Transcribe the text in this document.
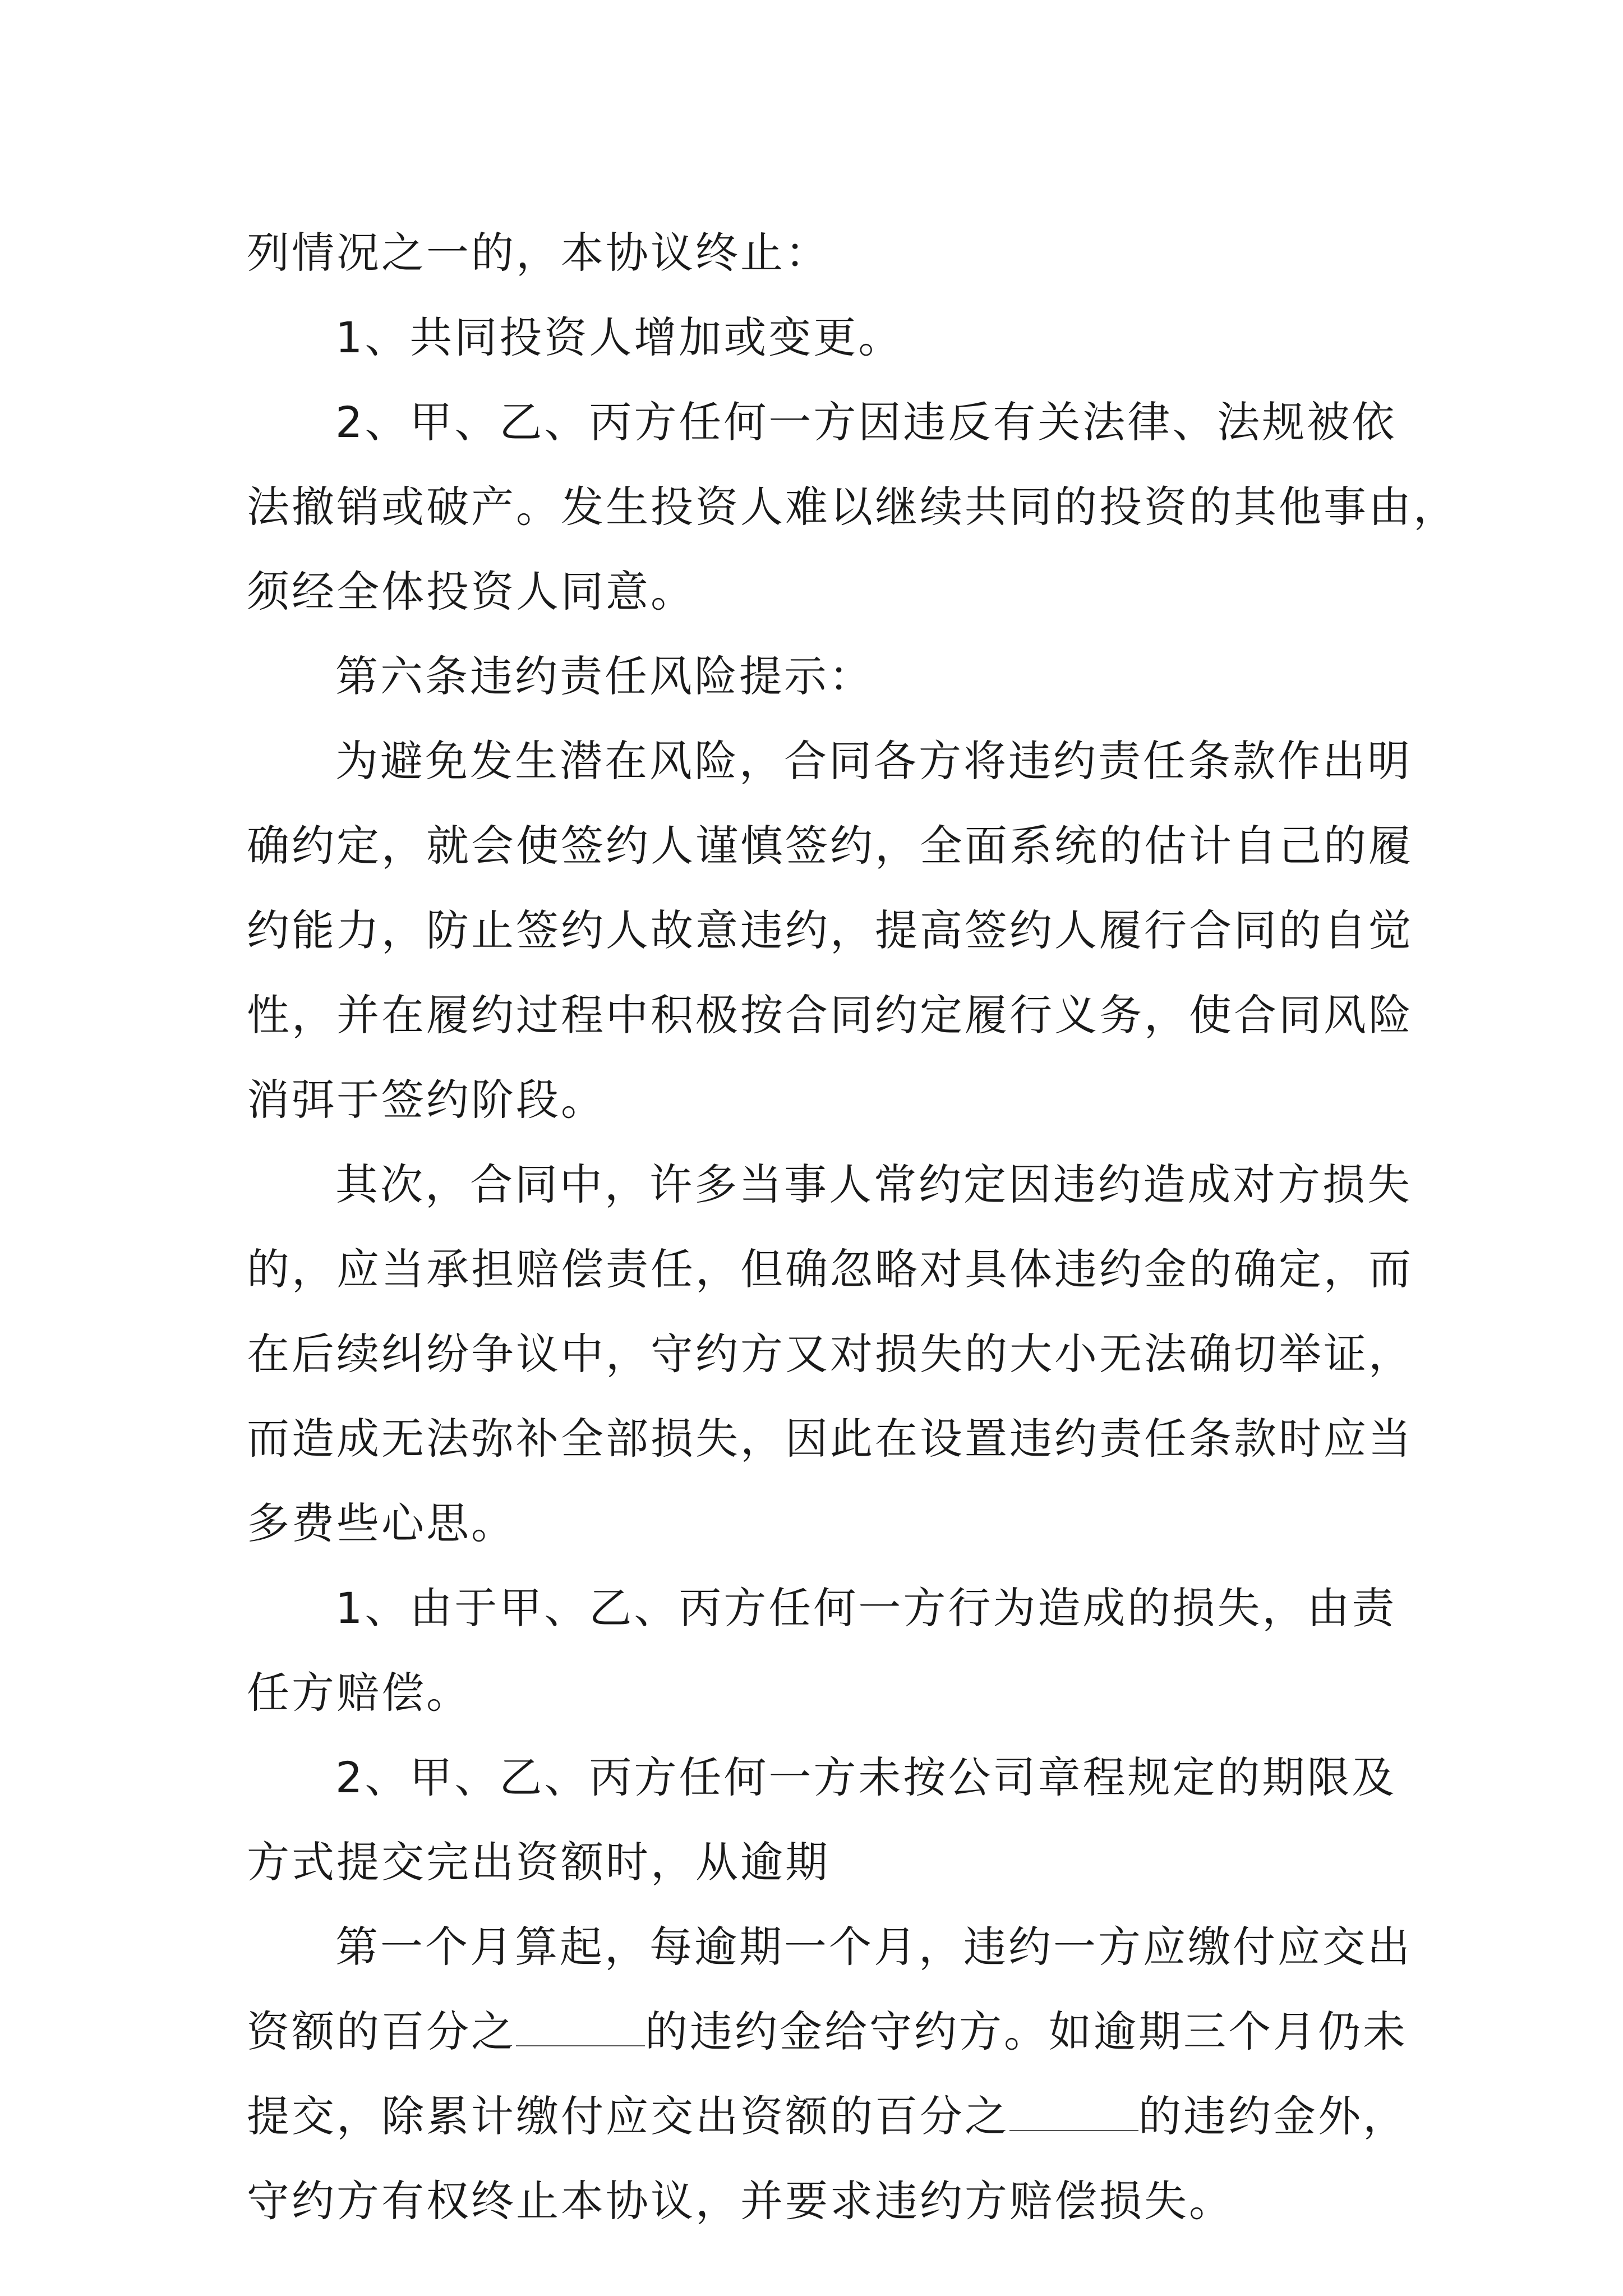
列情况之一的，本协议终止：
1、共同投资人增加或变更。
2、甲、乙、丙方任何一方因违反有关法律、法规被依
法撤销或破产。发生投资人难以继续共同的投资的其他事由，
须经全体投资人同意。
第六条违约责任风险提示：
为避免发生潜在风险，合同各方将违约责任条款作出明
确约定，就会使签约人谨慎签约，全面系统的估计自己的履
约能力，防止签约人故意违约，提高签约人履行合同的自觉
性，并在履约过程中积极按合同约定履行义务，使合同风险
消弭于签约阶段。
其次，合同中，许多当事人常约定因违约造成对方损失
的，应当承担赔偿责任，但确忽略对具体违约金的确定，而
在后续纠纷争议中，守约方又对损失的大小无法确切举证，
而造成无法弥补全部损失，因此在设置违约责任条款时应当
多费些心思。
1、由于甲、乙、丙方任何一方行为造成的损失，由责
任方赔偿。
2、甲、乙、丙方任何一方未按公司章程规定的期限及
方式提交完出资额时，从逾期
第一个月算起，每逾期一个月，违约一方应缴付应交出
资额的百分之	的违约金给守约方。如逾期三个月仍未
提交，除累计缴付应交出资额的百分之	的违约金外，
守约方有权终止本协议，并要求违约方赔偿损失。
